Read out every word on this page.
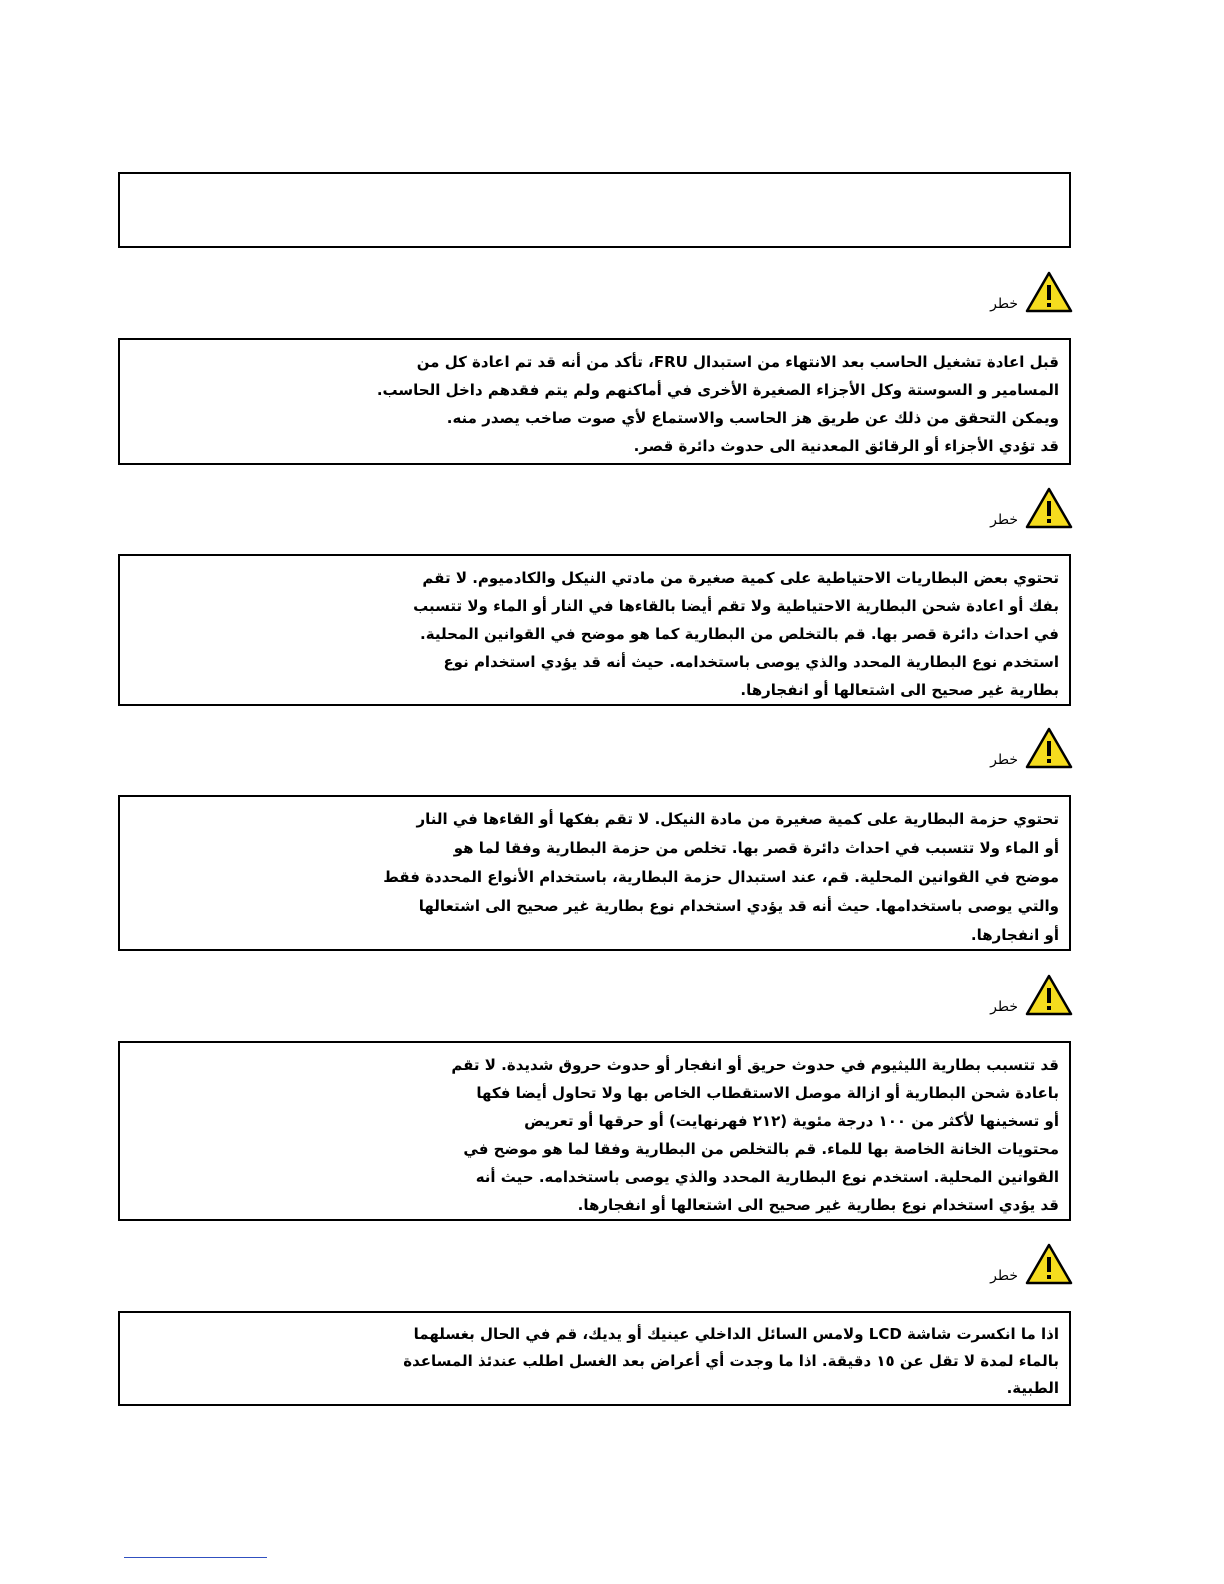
خطر
قبل اعادة تشغيل الحاسب بعد الانتهاء من استبدال FRU، تأكد من أنه قد تم اعادة كل من
المسامير و السوستة وكل الأجزاء الصغيرة الأخرى في أماكنهم ولم يتم فقدهم داخل الحاسب.
ويمكن التحقق من ذلك عن طريق هز الحاسب والاستماع لأي صوت صاخب يصدر منه.
قد تؤدي الأجزاء أو الرقائق المعدنية الى حدوث دائرة قصر.
خطر
تحتوي بعض البطاريات الاحتياطية على كمية صغيرة من مادتي النيكل والكادميوم. لا تقم
بفك أو اعادة شحن البطارية الاحتياطية ولا تقم أيضا بالقاءها في النار أو الماء ولا تتسبب
في احداث دائرة قصر بها. قم بالتخلص من البطارية كما هو موضح في القوانين المحلية.
استخدم نوع البطارية المحدد والذي يوصى باستخدامه. حيث أنه قد يؤدي استخدام نوع
بطارية غير صحيح الى اشتعالها أو انفجارها.
خطر
تحتوي حزمة البطارية على كمية صغيرة من مادة النيكل. لا تقم بفكها أو القاءها في النار
أو الماء ولا تتسبب في احداث دائرة قصر بها. تخلص من حزمة البطارية وفقا لما هو
موضح في القوانين المحلية. قم، عند استبدال حزمة البطارية، باستخدام الأنواع المحددة فقط
والتي يوصى باستخدامها. حيث أنه قد يؤدي استخدام نوع بطارية غير صحيح الى اشتعالها
أو انفجارها.
خطر
قد تتسبب بطارية الليثيوم في حدوث حريق أو انفجار أو حدوث حروق شديدة. لا تقم
باعادة شحن البطارية أو ازالة موصل الاستقطاب الخاص بها ولا تحاول أيضا فكها
أو تسخينها لأكثر من ١٠٠ درجة مئوية (٢١٢ فهرنهايت) أو حرقها أو تعريض
محتويات الخانة الخاصة بها للماء. قم بالتخلص من البطارية وفقا لما هو موضح في
القوانين المحلية. استخدم نوع البطارية المحدد والذي يوصى باستخدامه. حيث أنه
قد يؤدي استخدام نوع بطارية غير صحيح الى اشتعالها أو انفجارها.
خطر
اذا ما انكسرت شاشة LCD ولامس السائل الداخلي عينيك أو يديك، قم في الحال بغسلهما
بالماء لمدة لا تقل عن ١٥ دقيقة. اذا ما وجدت أي أعراض بعد الغسل اطلب عندئذ المساعدة
الطبية.
